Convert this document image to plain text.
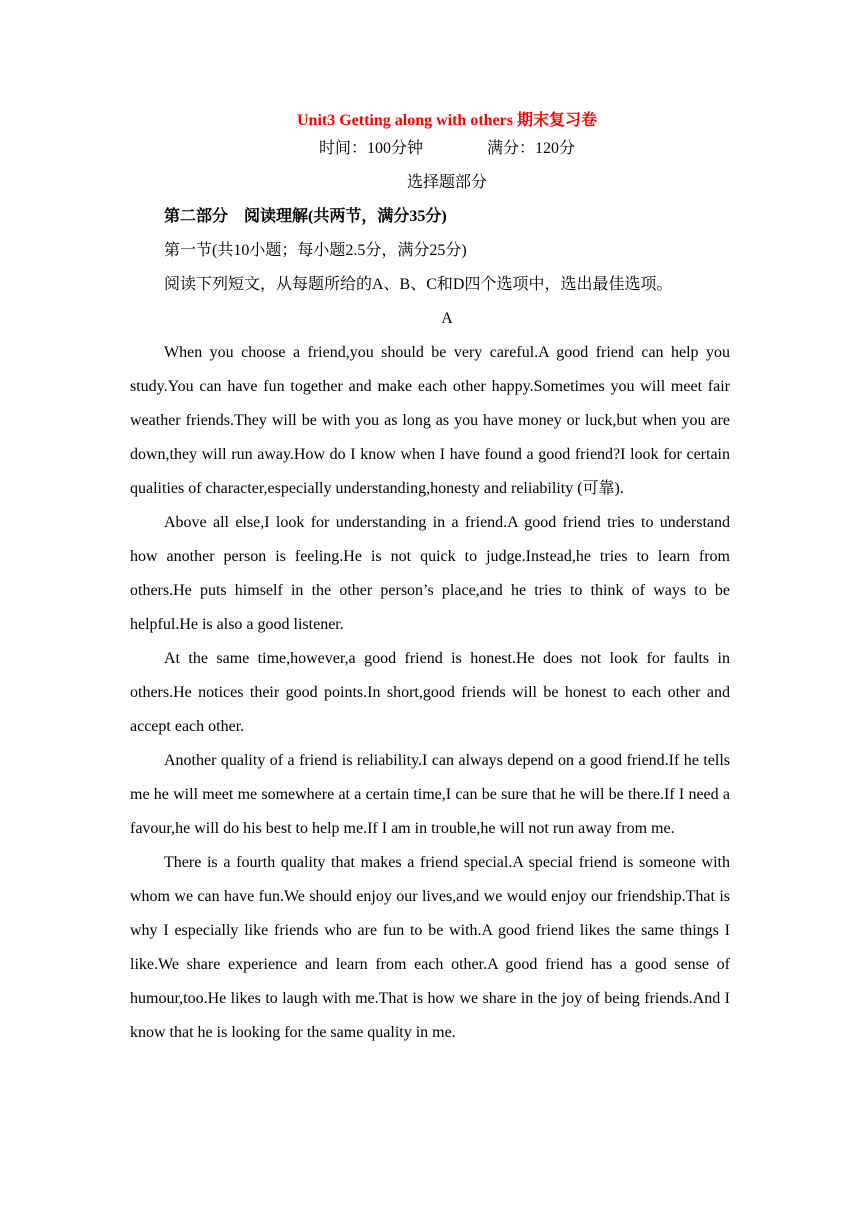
Unit3 Getting along with others 期末复习卷
时间：100分钟	满分：120分
选择题部分
第二部分　阅读理解(共两节，满分35分)
第一节(共10小题；每小题2.5分，满分25分)
阅读下列短文，从每题所给的A、B、C和D四个选项中，选出最佳选项。
A

When you choose a friend,you should be very careful.A good friend can help you study.You can have fun together and make each other happy.Sometimes you will meet fair weather friends.They will be with you as long as you have money or luck,but when you are down,they will run away.How do I know when I have found a good friend?I look for certain qualities of character,especially understanding,honesty and reliability (可靠).

Above all else,I look for understanding in a friend.A good friend tries to understand how another person is feeling.He is not quick to judge.Instead,he tries to learn from others.He puts himself in the other person’s place,and he tries to think of ways to be helpful.He is also a good listener.

At the same time,however,a good friend is honest.He does not look for faults in others.He notices their good points.In short,good friends will be honest to each other and accept each other.

Another quality of a friend is reliability.I can always depend on a good friend.If he tells me he will meet me somewhere at a certain time,I can be sure that he will be there.If I need a favour,he will do his best to help me.If I am in trouble,he will not run away from me.

There is a fourth quality that makes a friend special.A special friend is someone with whom we can have fun.We should enjoy our lives,and we would enjoy our friendship.That is why I especially like friends who are fun to be with.A good friend likes the same things I like.We share experience and learn from each other.A good friend has a good sense of humour,too.He likes to laugh with me.That is how we share in the joy of being friends.And I know that he is looking for the same quality in me.
